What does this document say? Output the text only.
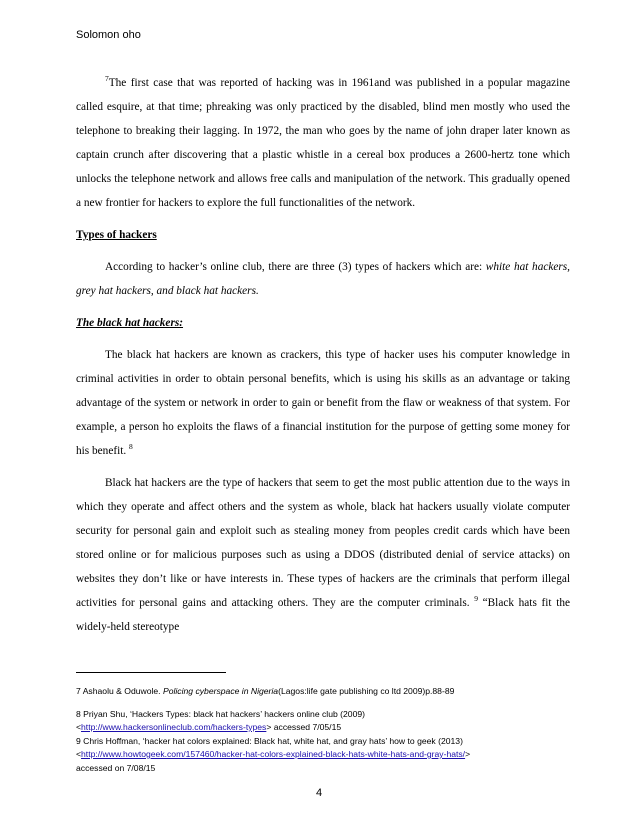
Solomon oho

$^7$The first case that was reported of hacking was in 1961and was published in a popular magazine called esquire, at that time; phreaking was only practiced by the disabled, blind men mostly who used the telephone to breaking their lagging. In 1972, the man who goes by the name of john draper later known as captain crunch after discovering that a plastic whistle in a cereal box produces a 2600-hertz tone which unlocks the telephone network and allows free calls and manipulation of the network. This gradually opened a new frontier for hackers to explore the full functionalities of the network.

Types of hackers

According to hacker’s online club, there are three (3) types of hackers which are: white hat hackers, grey hat hackers, and black hat hackers.

The black hat hackers:

The black hat hackers are known as crackers, this type of hacker uses his computer knowledge in criminal activities in order to obtain personal benefits, which is using his skills as an advantage or taking advantage of the system or network in order to gain or benefit from the flaw or weakness of that system. For example, a person ho exploits the flaws of a financial institution for the purpose of getting some money for his benefit. $^8$

Black hat hackers are the type of hackers that seem to get the most public attention due to the ways in which they operate and affect others and the system as whole, black hat hackers usually violate computer security for personal gain and exploit such as stealing money from peoples credit cards which have been stored online or for malicious purposes such as using a DDOS (distributed denial of service attacks) on websites they don’t like or have interests in. These types of hackers are the criminals that perform illegal activities for personal gains and attacking others. They are the computer criminals. $^9$ “Black hats fit the widely-held stereotype

7 Ashaolu & Oduwole. Policing cyberspace in Nigeria(Lagos:life gate publishing co ltd 2009)p.88-89

8 Priyan Shu, ‘Hackers Types: black hat hackers’ hackers online club (2009)
<http://www.hackersonlineclub.com/hackers-types> accessed 7/05/15

9 Chris Hoffman, ‘hacker hat colors explained: Black hat, white hat, and gray hats’ how to geek (2013)
<http://www.howtogeek.com/157460/hacker-hat-colors-explained-black-hats-white-hats-and-gray-hats/>
accessed on 7/08/15

4
